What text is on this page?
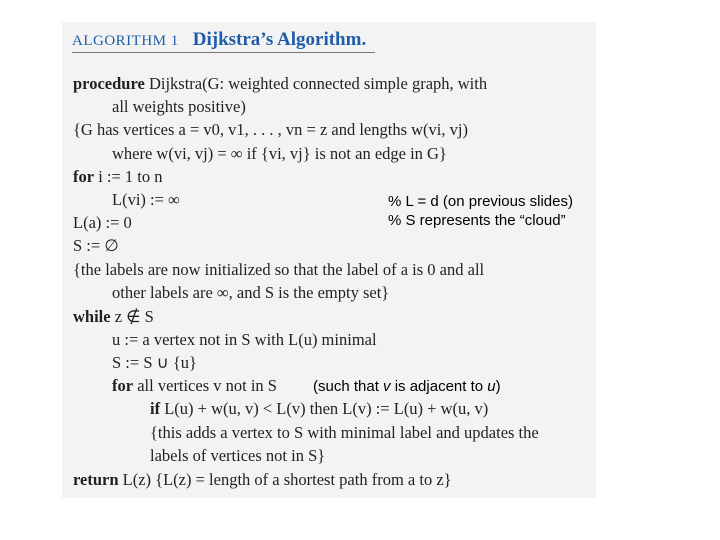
ALGORITHM 1 Dijkstra’s Algorithm.
procedure Dijkstra(G: weighted connected simple graph, with
all weights positive)
{G has vertices a = v0, v1, . . . , vn = z and lengths w(vi, vj)
where w(vi, vj) = ∞ if {vi, vj} is not an edge in G}
for i := 1 to n
L(vi) := ∞
L(a) := 0
S := ∅
{the labels are now initialized so that the label of a is 0 and all
other labels are ∞, and S is the empty set}
while z ∉ S
u := a vertex not in S with L(u) minimal
S := S ∪ {u}
for all vertices v not in S
if L(u) + w(u, v) < L(v) then L(v) := L(u) + w(u, v)
{this adds a vertex to S with minimal label and updates the
labels of vertices not in S}
return L(z) {L(z) = length of a shortest path from a to z}
% L = d (on previous slides)
% S represents the “cloud”
(such that v is adjacent to u)
